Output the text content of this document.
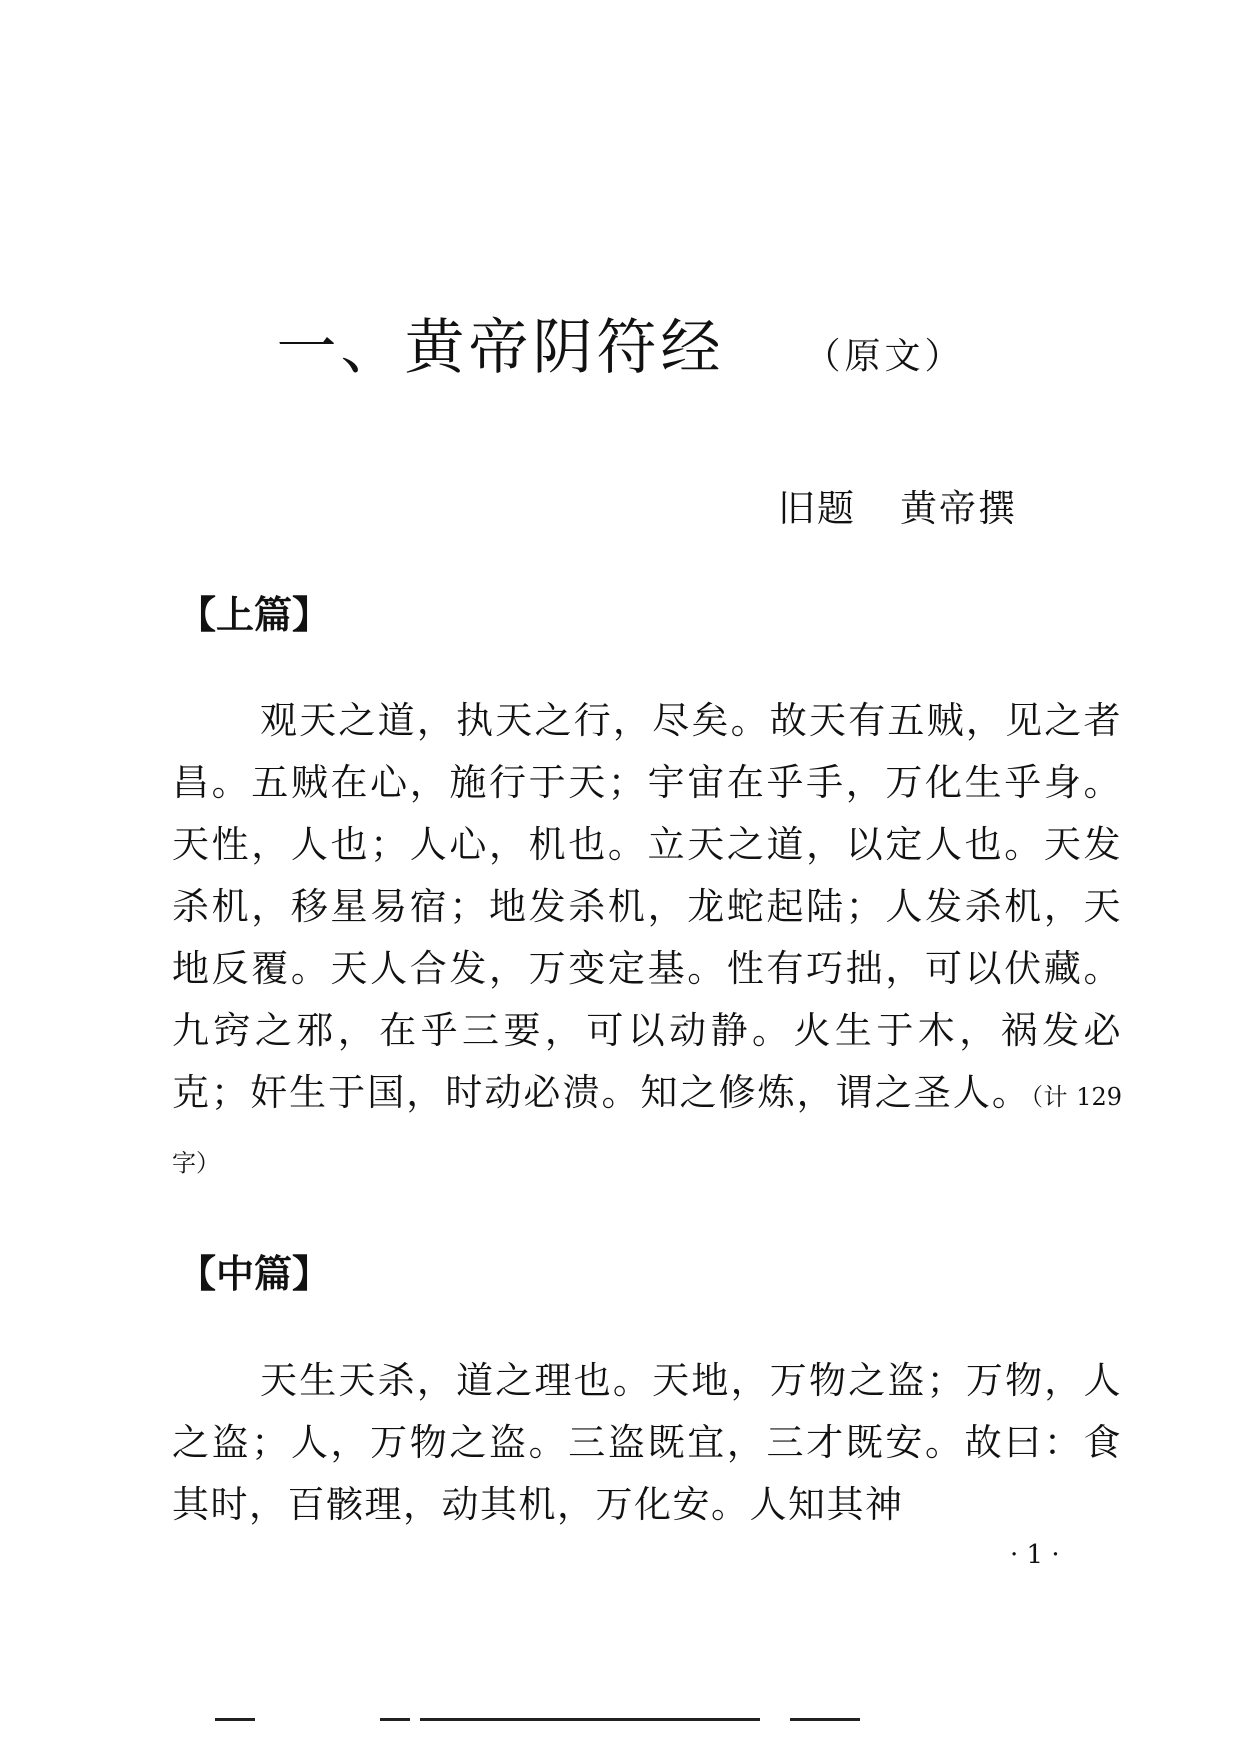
一、黄帝阴符经 （原文）
旧题 黄帝撰
【上篇】

观天之道，执天之行，尽矣。故天有五贼，见之者昌。五贼在心，施行于天；宇宙在乎手，万化生乎身。天性，人也；人心，机也。立天之道，以定人也。天发杀机，移星易宿；地发杀机，龙蛇起陆；人发杀机，天地反覆。天人合发，万变定基。性有巧拙，可以伏藏。九窍之邪，在乎三要，可以动静。火生于木，祸发必克；奸生于国，时动必溃。知之修炼，谓之圣人。（计 129 字）

【中篇】

天生天杀，道之理也。天地，万物之盗；万物，人之盗；人，万物之盗。三盗既宜，三才既安。故曰：食其时，百骸理，动其机，万化安。人知其神

· 1 ·
